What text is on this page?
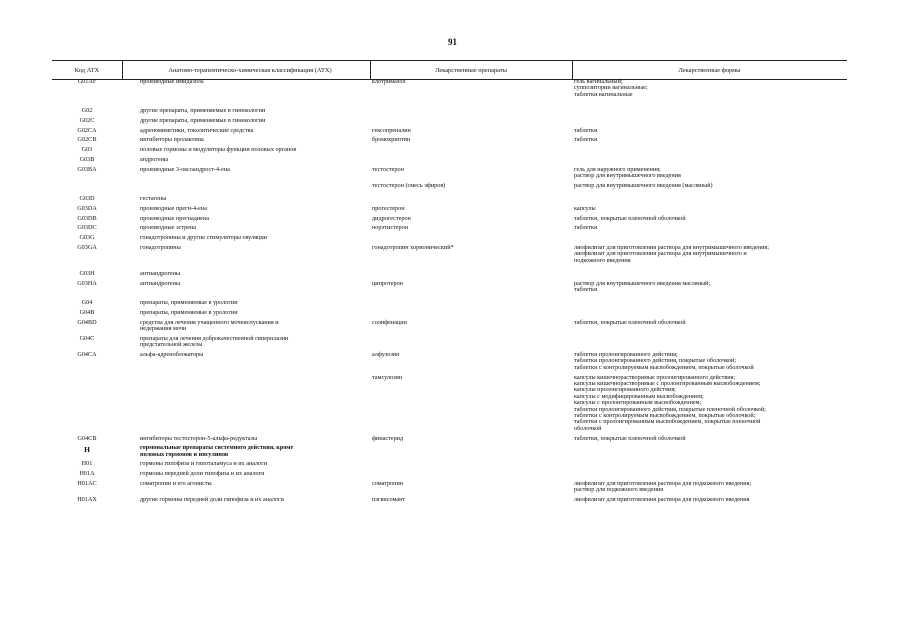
91
Код АТХ	Анатомо-терапевтическо-химическая классификация (АТХ)	Лекарственные препараты	Лекарственные формы
G01AF	производные имидазола	клотримазол	гель вагинальный;
суппозитории вагинальные;
таблетки вагинальные
G02	другие препараты, применяемые в гинекологии
G02C	другие препараты, применяемые в гинекологии
G02CA	адреномиметики, токолитические средства	гексопреналин	таблетки
G02CB	ингибиторы пролактина	бромокриптин	таблетки
G03	половые гормоны и модуляторы функции половых органов
G03B	андрогены
G03BA	производные 3-оксоандрост-4-ена	тестостерон	гель для наружного применения;
раствор для внутримышечного введения
тестостерон (смесь эфиров)	раствор для внутримышечного введения (масляный)
G03D	гестагены
G03DA	производные прегн-4-ена	прогестерон	капсулы
G03DB	производные прегнадиена	дидрогестерон	таблетки, покрытые пленочной оболочкой
G03DC	производные эстрена	норэтистерон	таблетки
G03G	гонадотропины и другие стимуляторы овуляции
G03GA	гонадотропины	гонадотропин хорионический*	лиофилизат для приготовления раствора для внутримышечного введения;
лиофилизат для приготовления раствора для внутримышечного и
подкожного введения
G03H	антиандрогены
G03HA	антиандрогены	ципротерон	раствор для внутримышечного введения масляный;
таблетки
G04	препараты, применяемые в урологии
G04B	препараты, применяемые в урологии
G04BD	средства для лечения учащенного мочеиспускания и
недержания мочи
солифенацин	таблетки, покрытые пленочной оболочкой
G04C	препараты для лечения доброкачественной гиперплазии
предстательной железы
G04CA	альфа-адреноблокаторы	алфузозин	таблетки пролонгированного действия;
таблетки пролонгированного действия, покрытые оболочкой;
таблетки с контролируемым высвобождением, покрытые оболочкой
тамсулозин	капсулы кишечнорастворимые пролонгированного действия;
капсулы кишечнорастворимые с пролонгированным высвобождением;
капсулы пролонгированного действия;
капсулы с модифицированным высвобождением;
капсулы с пролонгированным высвобождением;
таблетки пролонгированного действия, покрытые пленочной оболочкой;
таблетки с контролируемым высвобождением, покрытые оболочкой;
таблетки с пролонгированным высвобождением, покрытые пленочной
оболочкой
G04CB	ингибиторы тестостерон-5-альфа-редуктазы	финастерид	таблетки, покрытые пленочной оболочкой
H	гормональные препараты системного действия, кроме
половых гормонов и инсулинов
H01	гормоны гипофиза и гипоталамуса и их аналоги
H01A	гормоны передней доли гипофиза и их аналоги
H01AC	соматропин и его агонисты	соматропин	лиофилизат для приготовления раствора для подкожного введения;
раствор для подкожного введения
H01AX	другие гормоны передней доли гипофиза и их аналоги	пэгвисомант	лиофилизат для приготовления раствора для подкожного введения
